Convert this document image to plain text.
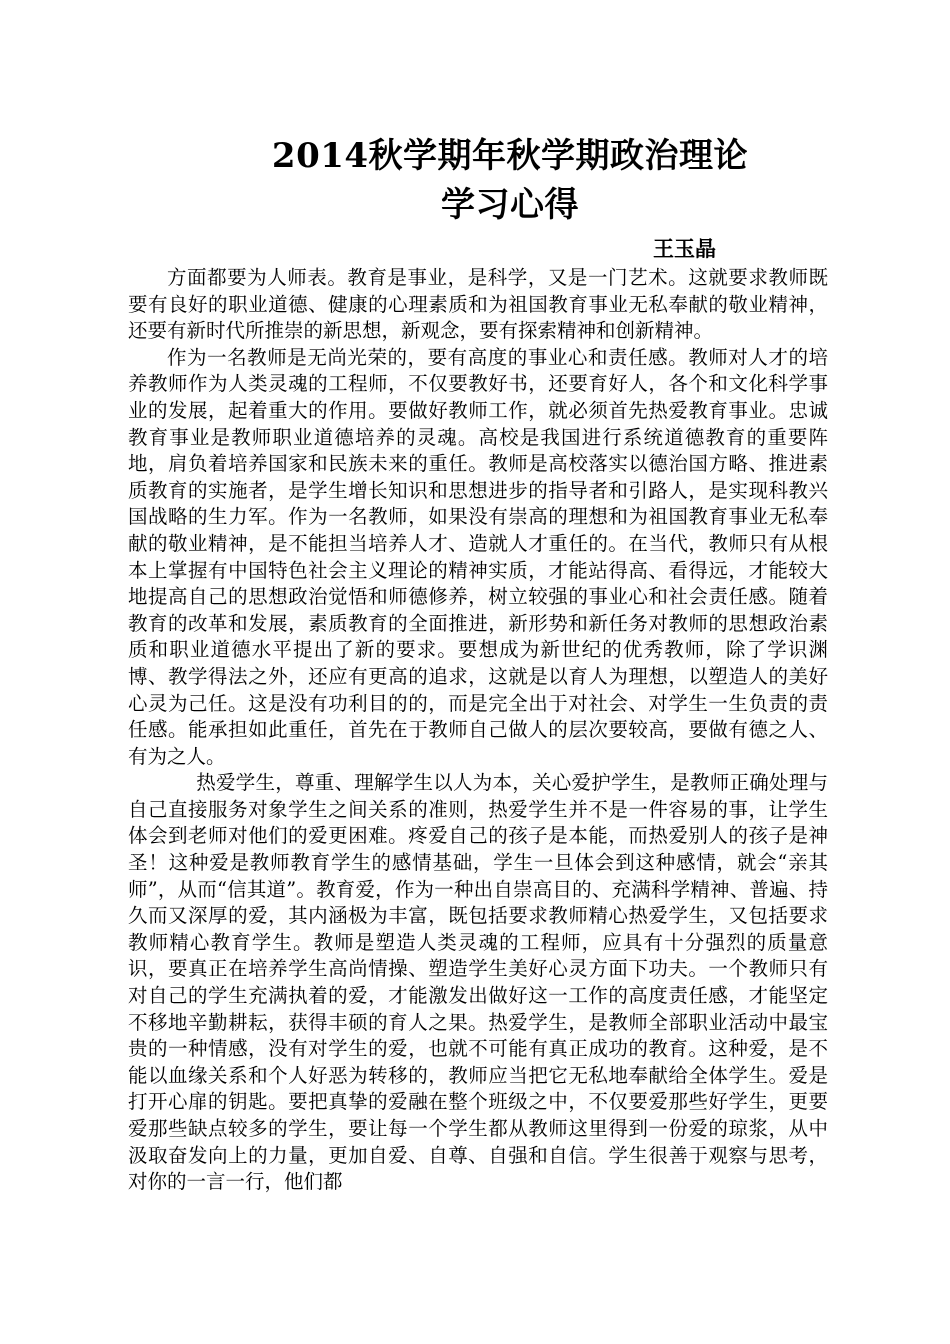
2014秋学期年秋学期政治理论
学习心得
王玉晶

方面都要为人师表。教育是事业，是科学，又是一门艺术。这就要求教师既要有良好的职业道德、健康的心理素质和为祖国教育事业无私奉献的敬业精神，还要有新时代所推崇的新思想，新观念，要有探索精神和创新精神。

作为一名教师是无尚光荣的，要有高度的事业心和责任感。教师对人才的培养教师作为人类灵魂的工程师，不仅要教好书，还要育好人，各个和文化科学事业的发展，起着重大的作用。要做好教师工作，就必须首先热爱教育事业。忠诚教育事业是教师职业道德培养的灵魂。高校是我国进行系统道德教育的重要阵地，肩负着培养国家和民族未来的重任。教师是高校落实以德治国方略、推进素质教育的实施者，是学生增长知识和思想进步的指导者和引路人，是实现科教兴国战略的生力军。作为一名教师，如果没有崇高的理想和为祖国教育事业无私奉献的敬业精神，是不能担当培养人才、造就人才重任的。在当代，教师只有从根本上掌握有中国特色社会主义理论的精神实质，才能站得高、看得远，才能较大地提高自己的思想政治觉悟和师德修养，树立较强的事业心和社会责任感。随着教育的改革和发展，素质教育的全面推进，新形势和新任务对教师的思想政治素质和职业道德水平提出了新的要求。要想成为新世纪的优秀教师，除了学识渊博、教学得法之外，还应有更高的追求，这就是以育人为理想，以塑造人的美好心灵为己任。这是没有功利目的的，而是完全出于对社会、对学生一生负责的责任感。能承担如此重任，首先在于教师自己做人的层次要较高，要做有德之人、有为之人。

热爱学生，尊重、理解学生以人为本，关心爱护学生，是教师正确处理与自己直接服务对象学生之间关系的准则，热爱学生并不是一件容易的事，让学生体会到老师对他们的爱更困难。疼爱自己的孩子是本能，而热爱别人的孩子是神圣！这种爱是教师教育学生的感情基础，学生一旦体会到这种感情，就会“亲其师”，从而“信其道”。教育爱，作为一种出自崇高目的、充满科学精神、普遍、持久而又深厚的爱，其内涵极为丰富，既包括要求教师精心热爱学生，又包括要求教师精心教育学生。教师是塑造人类灵魂的工程师，应具有十分强烈的质量意识，要真正在培养学生高尚情操、塑造学生美好心灵方面下功夫。一个教师只有对自己的学生充满执着的爱，才能激发出做好这一工作的高度责任感，才能坚定不移地辛勤耕耘，获得丰硕的育人之果。热爱学生，是教师全部职业活动中最宝贵的一种情感，没有对学生的爱，也就不可能有真正成功的教育。这种爱，是不能以血缘关系和个人好恶为转移的，教师应当把它无私地奉献给全体学生。爱是打开心扉的钥匙。要把真挚的爱融在整个班级之中，不仅要爱那些好学生，更要爱那些缺点较多的学生，要让每一个学生都从教师这里得到一份爱的琼浆，从中汲取奋发向上的力量，更加自爱、自尊、自强和自信。学生很善于观察与思考，对你的一言一行，他们都
